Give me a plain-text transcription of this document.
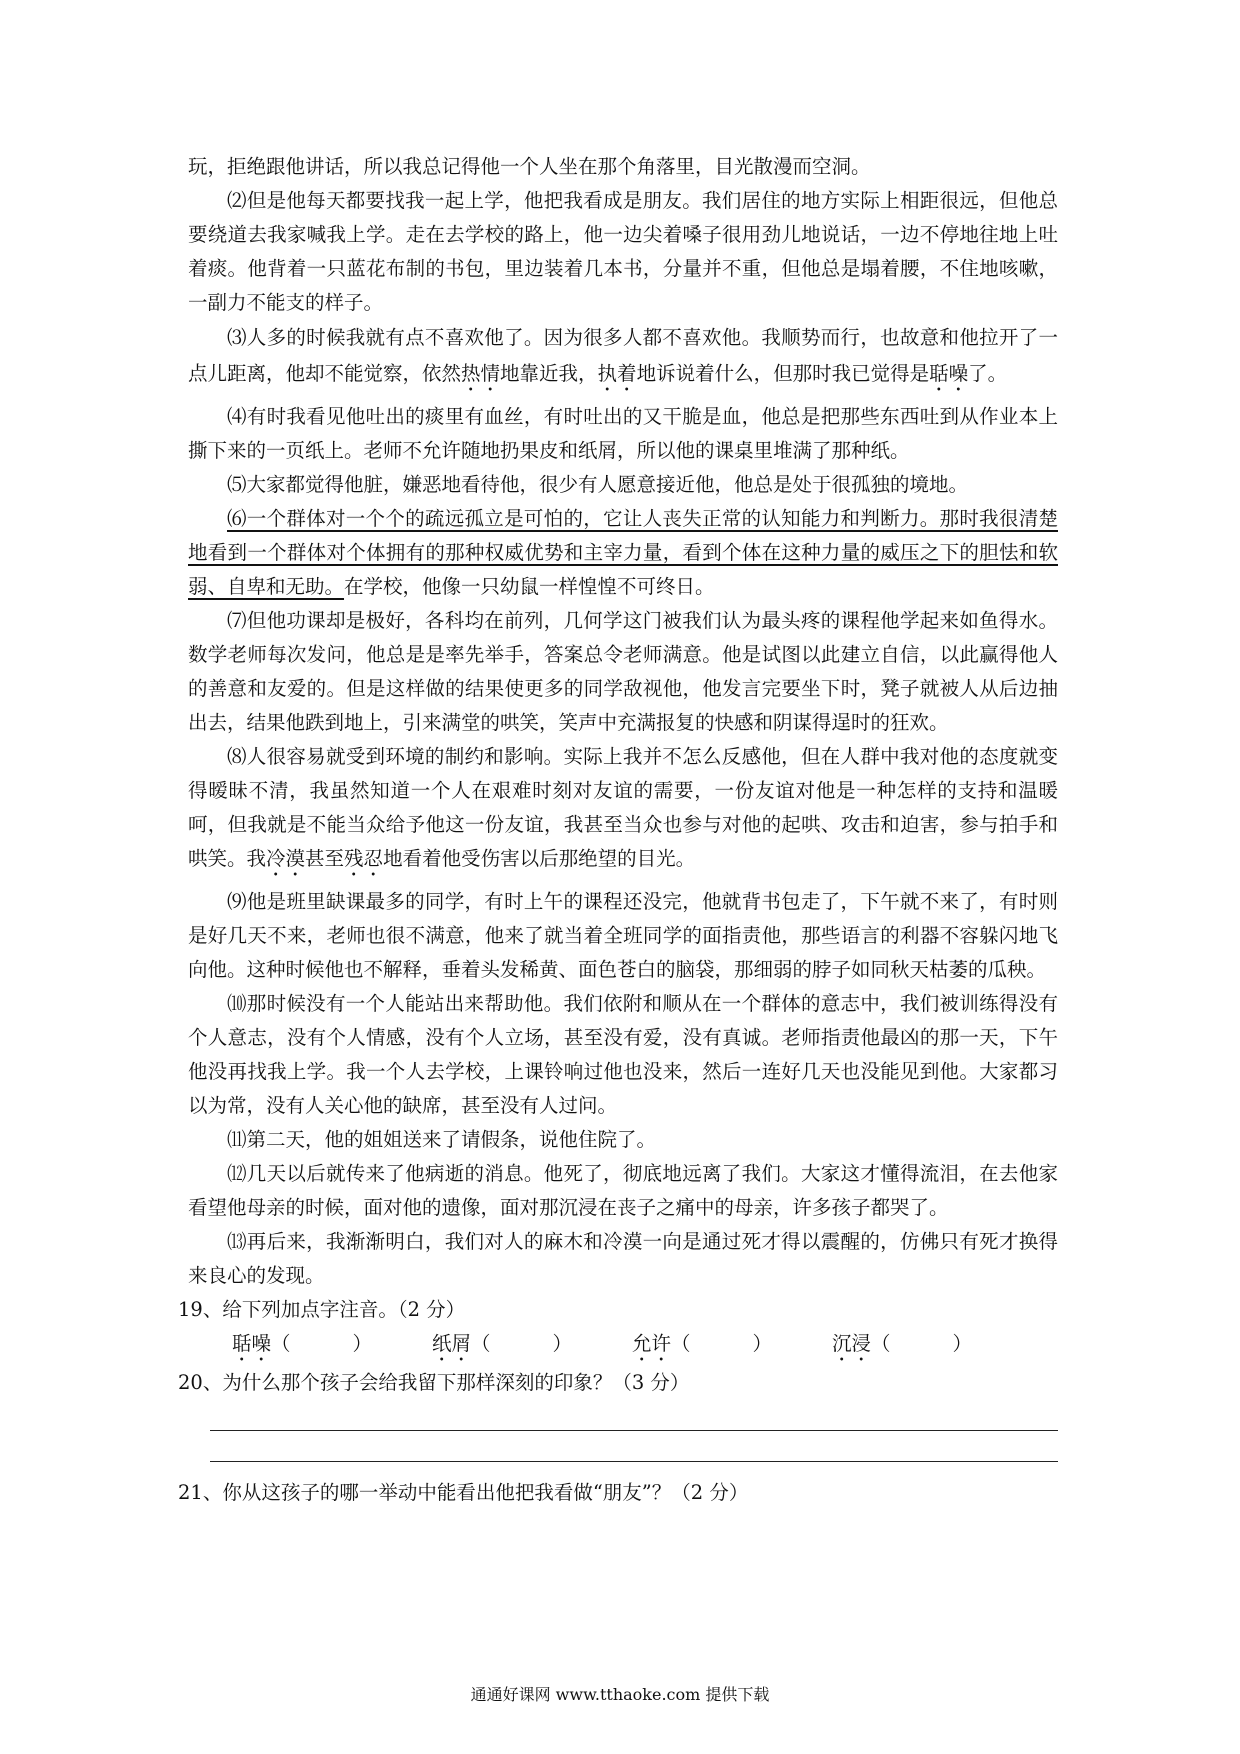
玩，拒绝跟他讲话，所以我总记得他一个人坐在那个角落里，目光散漫而空洞。

⑵但是他每天都要找我一起上学，他把我看成是朋友。我们居住的地方实际上相距很远，但他总要绕道去我家喊我上学。走在去学校的路上，他一边尖着嗓子很用劲儿地说话，一边不停地往地上吐着痰。他背着一只蓝花布制的书包，里边装着几本书，分量并不重，但他总是塌着腰，不住地咳嗽，一副力不能支的样子。

⑶人多的时候我就有点不喜欢他了。因为很多人都不喜欢他。我顺势而行，也故意和他拉开了一点儿距离，他却不能觉察，依然热情地靠近我，执着地诉说着什么，但那时我已觉得是聒噪了。

⑷有时我看见他吐出的痰里有血丝，有时吐出的又干脆是血，他总是把那些东西吐到从作业本上撕下来的一页纸上。老师不允许随地扔果皮和纸屑，所以他的课桌里堆满了那种纸。

⑸大家都觉得他脏，嫌恶地看待他，很少有人愿意接近他，他总是处于很孤独的境地。

⑹一个群体对一个个的疏远孤立是可怕的，它让人丧失正常的认知能力和判断力。那时我很清楚地看到一个群体对个体拥有的那种权威优势和主宰力量，看到个体在这种力量的威压之下的胆怯和软弱、自卑和无助。在学校，他像一只幼鼠一样惶惶不可终日。

⑺但他功课却是极好，各科均在前列，几何学这门被我们认为最头疼的课程他学起来如鱼得水。数学老师每次发问，他总是是率先举手，答案总令老师满意。他是试图以此建立自信，以此赢得他人的善意和友爱的。但是这样做的结果使更多的同学敌视他，他发言完要坐下时，凳子就被人从后边抽出去，结果他跌到地上，引来满堂的哄笑，笑声中充满报复的快感和阴谋得逞时的狂欢。

⑻人很容易就受到环境的制约和影响。实际上我并不怎么反感他，但在人群中我对他的态度就变得暧昧不清，我虽然知道一个人在艰难时刻对友谊的需要，一份友谊对他是一种怎样的支持和温暖呵，但我就是不能当众给予他这一份友谊，我甚至当众也参与对他的起哄、攻击和迫害，参与拍手和哄笑。我冷漠甚至残忍地看着他受伤害以后那绝望的目光。

⑼他是班里缺课最多的同学，有时上午的课程还没完，他就背书包走了，下午就不来了，有时则是好几天不来，老师也很不满意，他来了就当着全班同学的面指责他，那些语言的利器不容躲闪地飞向他。这种时候他也不解释，垂着头发稀黄、面色苍白的脑袋，那细弱的脖子如同秋天枯萎的瓜秧。

⑽那时候没有一个人能站出来帮助他。我们依附和顺从在一个群体的意志中，我们被训练得没有个人意志，没有个人情感，没有个人立场，甚至没有爱，没有真诚。老师指责他最凶的那一天，下午他没再找我上学。我一个人去学校，上课铃响过他也没来，然后一连好几天也没能见到他。大家都习以为常，没有人关心他的缺席，甚至没有人过问。

⑾第二天，他的姐姐送来了请假条，说他住院了。

⑿几天以后就传来了他病逝的消息。他死了，彻底地远离了我们。大家这才懂得流泪，在去他家看望他母亲的时候，面对他的遗像，面对那沉浸在丧子之痛中的母亲，许多孩子都哭了。

⒀再后来，我渐渐明白，我们对人的麻木和冷漠一向是通过死才得以震醒的，仿佛只有死才换得来良心的发现。

19、给下列加点字注音。（2 分）

聒噪（          ）	纸屑（          ）	允许（          ）	沉浸（          ）

20、为什么那个孩子会给我留下那样深刻的印象？（3 分）

21、你从这孩子的哪一举动中能看出他把我看做“朋友”？（2 分）

通通好课网 www.tthaoke.com 提供下载
